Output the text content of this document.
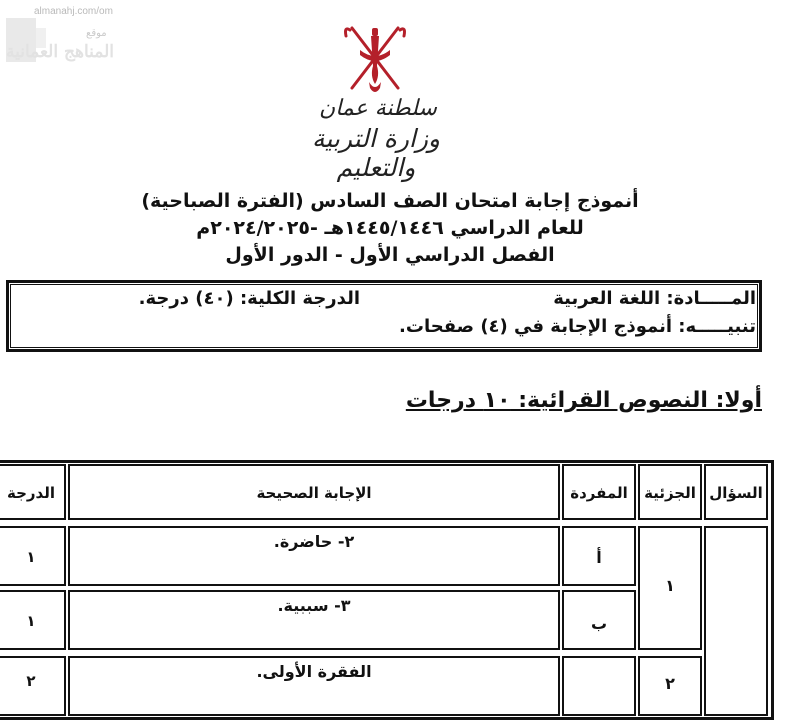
almanahj.com/om
موقع
المناهج العمانية
سلطنة عمان
وزارة التربية والتعليم
أنموذج إجابة امتحان الصف السادس (الفترة الصباحية)
للعام الدراسي ١٤٤٥/١٤٤٦هـ -٢٠٢٤/٢٠٢٥م
الفصل الدراسي الأول - الدور الأول
المـــــادة: اللغة العربية
الدرجة الكلية: (٤٠) درجة.
تنبيـــــه: أنموذج الإجابة في (٤) صفحات.
أولا: النصوص القرائية: ١٠ درجات
السؤال
الجزئية
المفردة
الإجابة الصحيحة
الدرجة
١
٢
أ
٢- حاضرة.
١
ب
٣- سببية.
١
الفقرة الأولى.
٢
